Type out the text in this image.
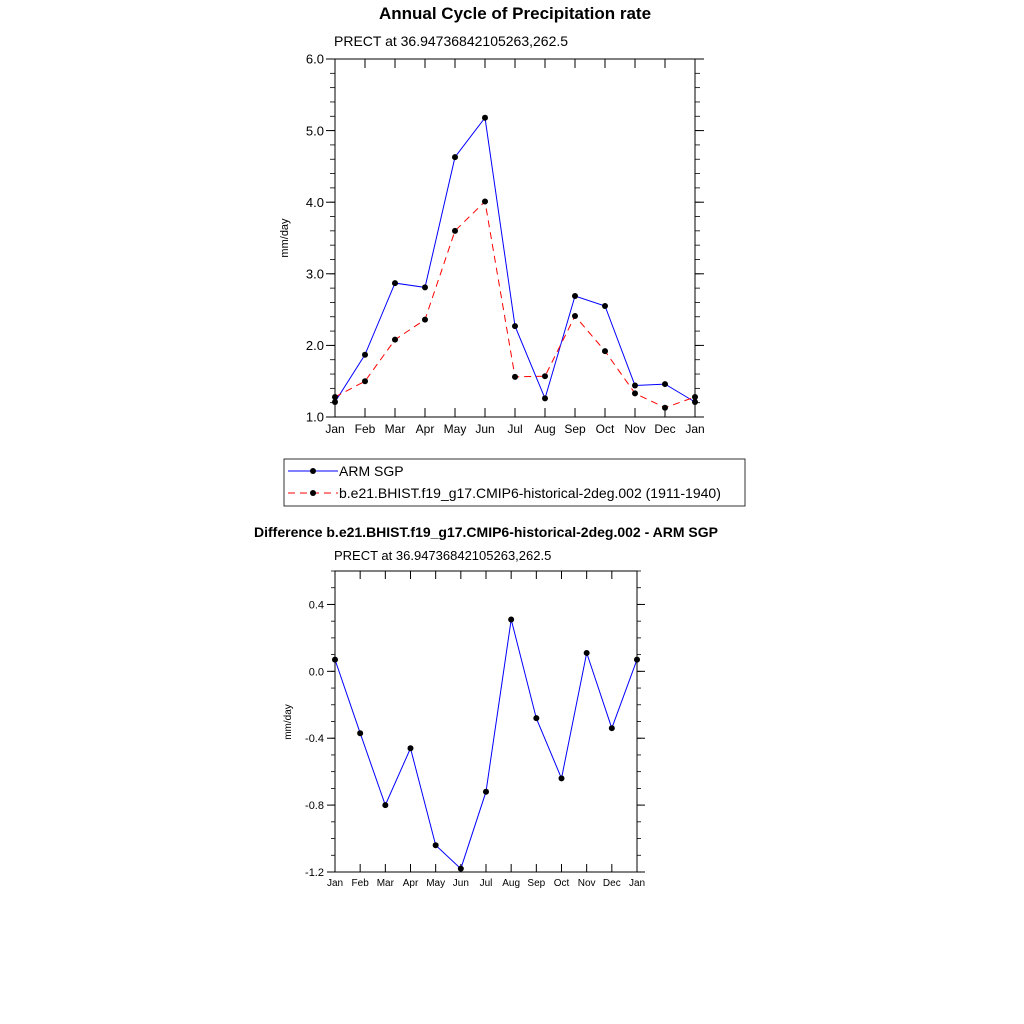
Annual Cycle of Precipitation rate
PRECT at 36.94736842105263,262.5
mm/day
1.0
2.0
3.0
4.0
5.0
6.0
Jan Feb Mar Apr May Jun Jul Aug Sep Oct Nov Dec Jan
ARM SGP
b.e21.BHIST.f19_g17.CMIP6-historical-2deg.002 (1911-1940)
Difference b.e21.BHIST.f19_g17.CMIP6-historical-2deg.002 - ARM SGP
PRECT at 36.94736842105263,262.5
mm/day
-1.2
-0.8
-0.4
0.0
0.4
Jan Feb Mar Apr May Jun Jul Aug Sep Oct Nov Dec Jan
